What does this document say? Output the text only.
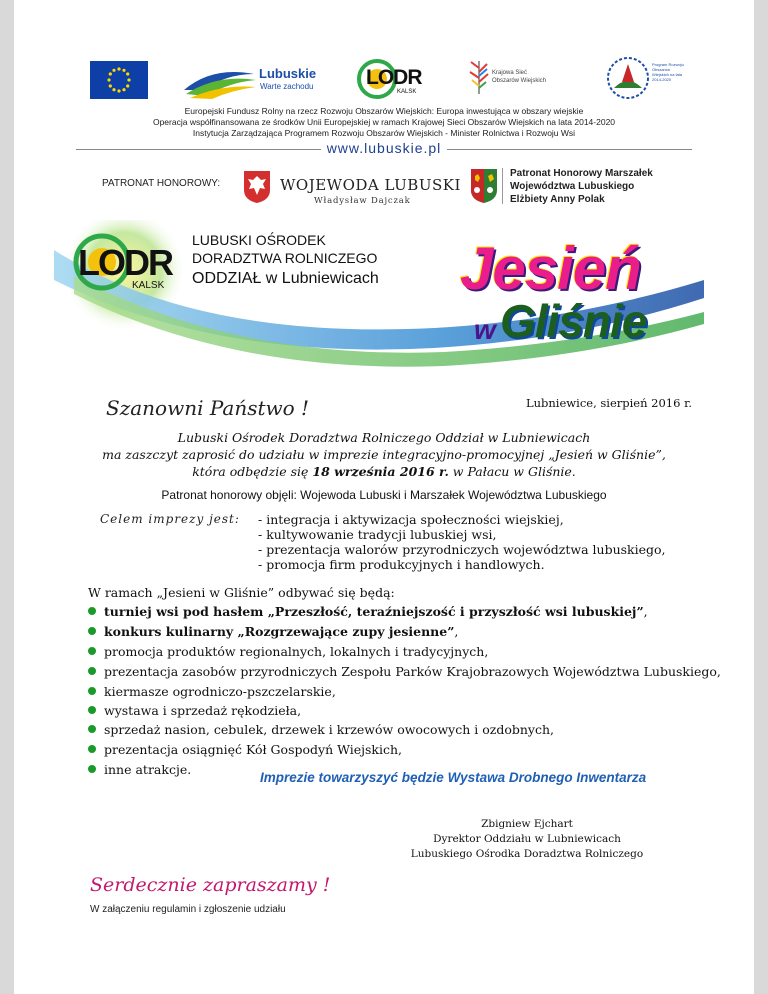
Lubuskie
Warte zachodu LODR
KALSK
Krajowa Sieć
Obszarów Wiejskich
Program Rozwoju Obszarów Wiejskich na lata 2014-2020
Europejski Fundusz Rolny na rzecz Rozwoju Obszarów Wiejskich: Europa inwestująca w obszary wiejskie
Operacja współfinansowana ze środków Unii Europejskiej w ramach Krajowej Sieci Obszarów Wiejskich na lata 2014-2020
Instytucja Zarządzająca Programem Rozwoju Obszarów Wiejskich - Minister Rolnictwa i Rozwoju Wsi
www.lubuskie.pl
PATRONAT HONOROWY:	WOJEWODA LUBUSKI
Władysław Dajczak
Patronat Honorowy Marszałek
Województwa Lubuskiego
Elżbiety Anny Polak
LODR
KALSK
LUBUSKI OŚRODEK
DORADZTWA ROLNICZEGO
ODDZIAŁ w Lubniewicach Jesień
w Gliśnie
Szanowni Państwo !	Lubniewice, sierpień 2016 r.
Lubuski Ośrodek Doradztwa Rolniczego Oddział w Lubniewicach
ma zaszczyt zaprosić do udziału w imprezie integracyjno-promocyjnej „Jesień w Gliśnie”,
która odbędzie się 18 września 2016 r. w Pałacu w Gliśnie.
Patronat honorowy objęli: Wojewoda Lubuski i Marszałek Województwa Lubuskiego
Celem imprezy jest: - integracja i aktywizacja społeczności wiejskiej,
- kultywowanie tradycji lubuskiej wsi,
- prezentacja walorów przyrodniczych województwa lubuskiego,
- promocja firm produkcyjnych i handlowych.
W ramach „Jesieni w Gliśnie” odbywać się będą:
turniej wsi pod hasłem „Przeszłość, teraźniejszość i przyszłość wsi lubuskiej”,
konkurs kulinarny „Rozgrzewające zupy jesienne”,
promocja produktów regionalnych, lokalnych i tradycyjnych,
prezentacja zasobów przyrodniczych Zespołu Parków Krajobrazowych Województwa Lubuskiego,
kiermasze ogrodniczo-pszczelarskie,
wystawa i sprzedaż rękodzieła,
sprzedaż nasion, cebulek, drzewek i krzewów owocowych i ozdobnych,
prezentacja osiągnięć Kół Gospodyń Wiejskich,
inne atrakcje.
Imprezie towarzyszyć będzie Wystawa Drobnego Inwentarza
Zbigniew Ejchart
Dyrektor Oddziału w Lubniewicach
Lubuskiego Ośrodka Doradztwa Rolniczego
Serdecznie zapraszamy !
W załączeniu regulamin i zgłoszenie udziału
